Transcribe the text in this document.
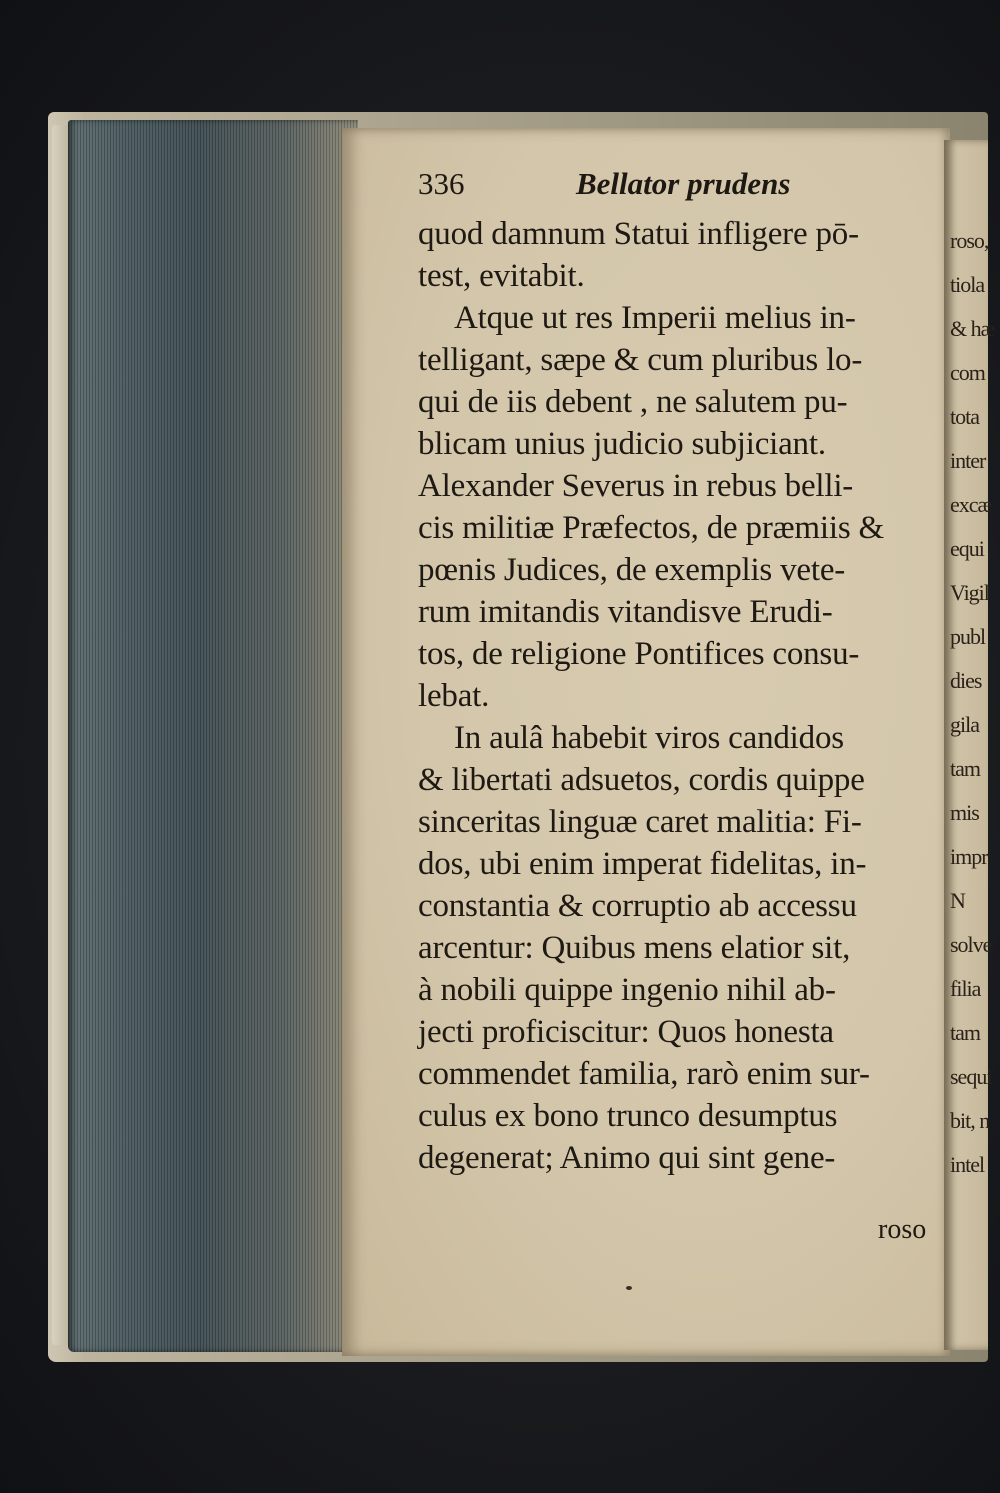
roso,
tiola
& hæ
com
tota
inter
excæ
equi
Vigil
publ
dies
gila
tam
mis
impr
N
solve
filia
tam
sequi
bit, n
intel
336	Bellator prudens
quod damnum Statui infligere pō-
test, evitabit.
Atque ut res Imperii melius in-
telligant, sæpe & cum pluribus lo-
qui de iis debent , ne salutem pu-
blicam unius judicio subjiciant.
Alexander Severus in rebus belli-
cis militiæ Præfectos, de præmiis &
pœnis Judices, de exemplis vete-
rum imitandis vitandisve Erudi-
tos, de religione Pontifices consu-
lebat.
In aulâ habebit viros candidos
& libertati adsuetos, cordis quippe
sinceritas linguæ caret malitia: Fi-
dos, ubi enim imperat fidelitas, in-
constantia & corruptio ab accessu
arcentur: Quibus mens elatior sit,
à nobili quippe ingenio nihil ab-
jecti proficiscitur: Quos honesta
commendet familia, rarò enim sur-
culus ex bono trunco desumptus
degenerat; Animo qui sint gene-
roso
